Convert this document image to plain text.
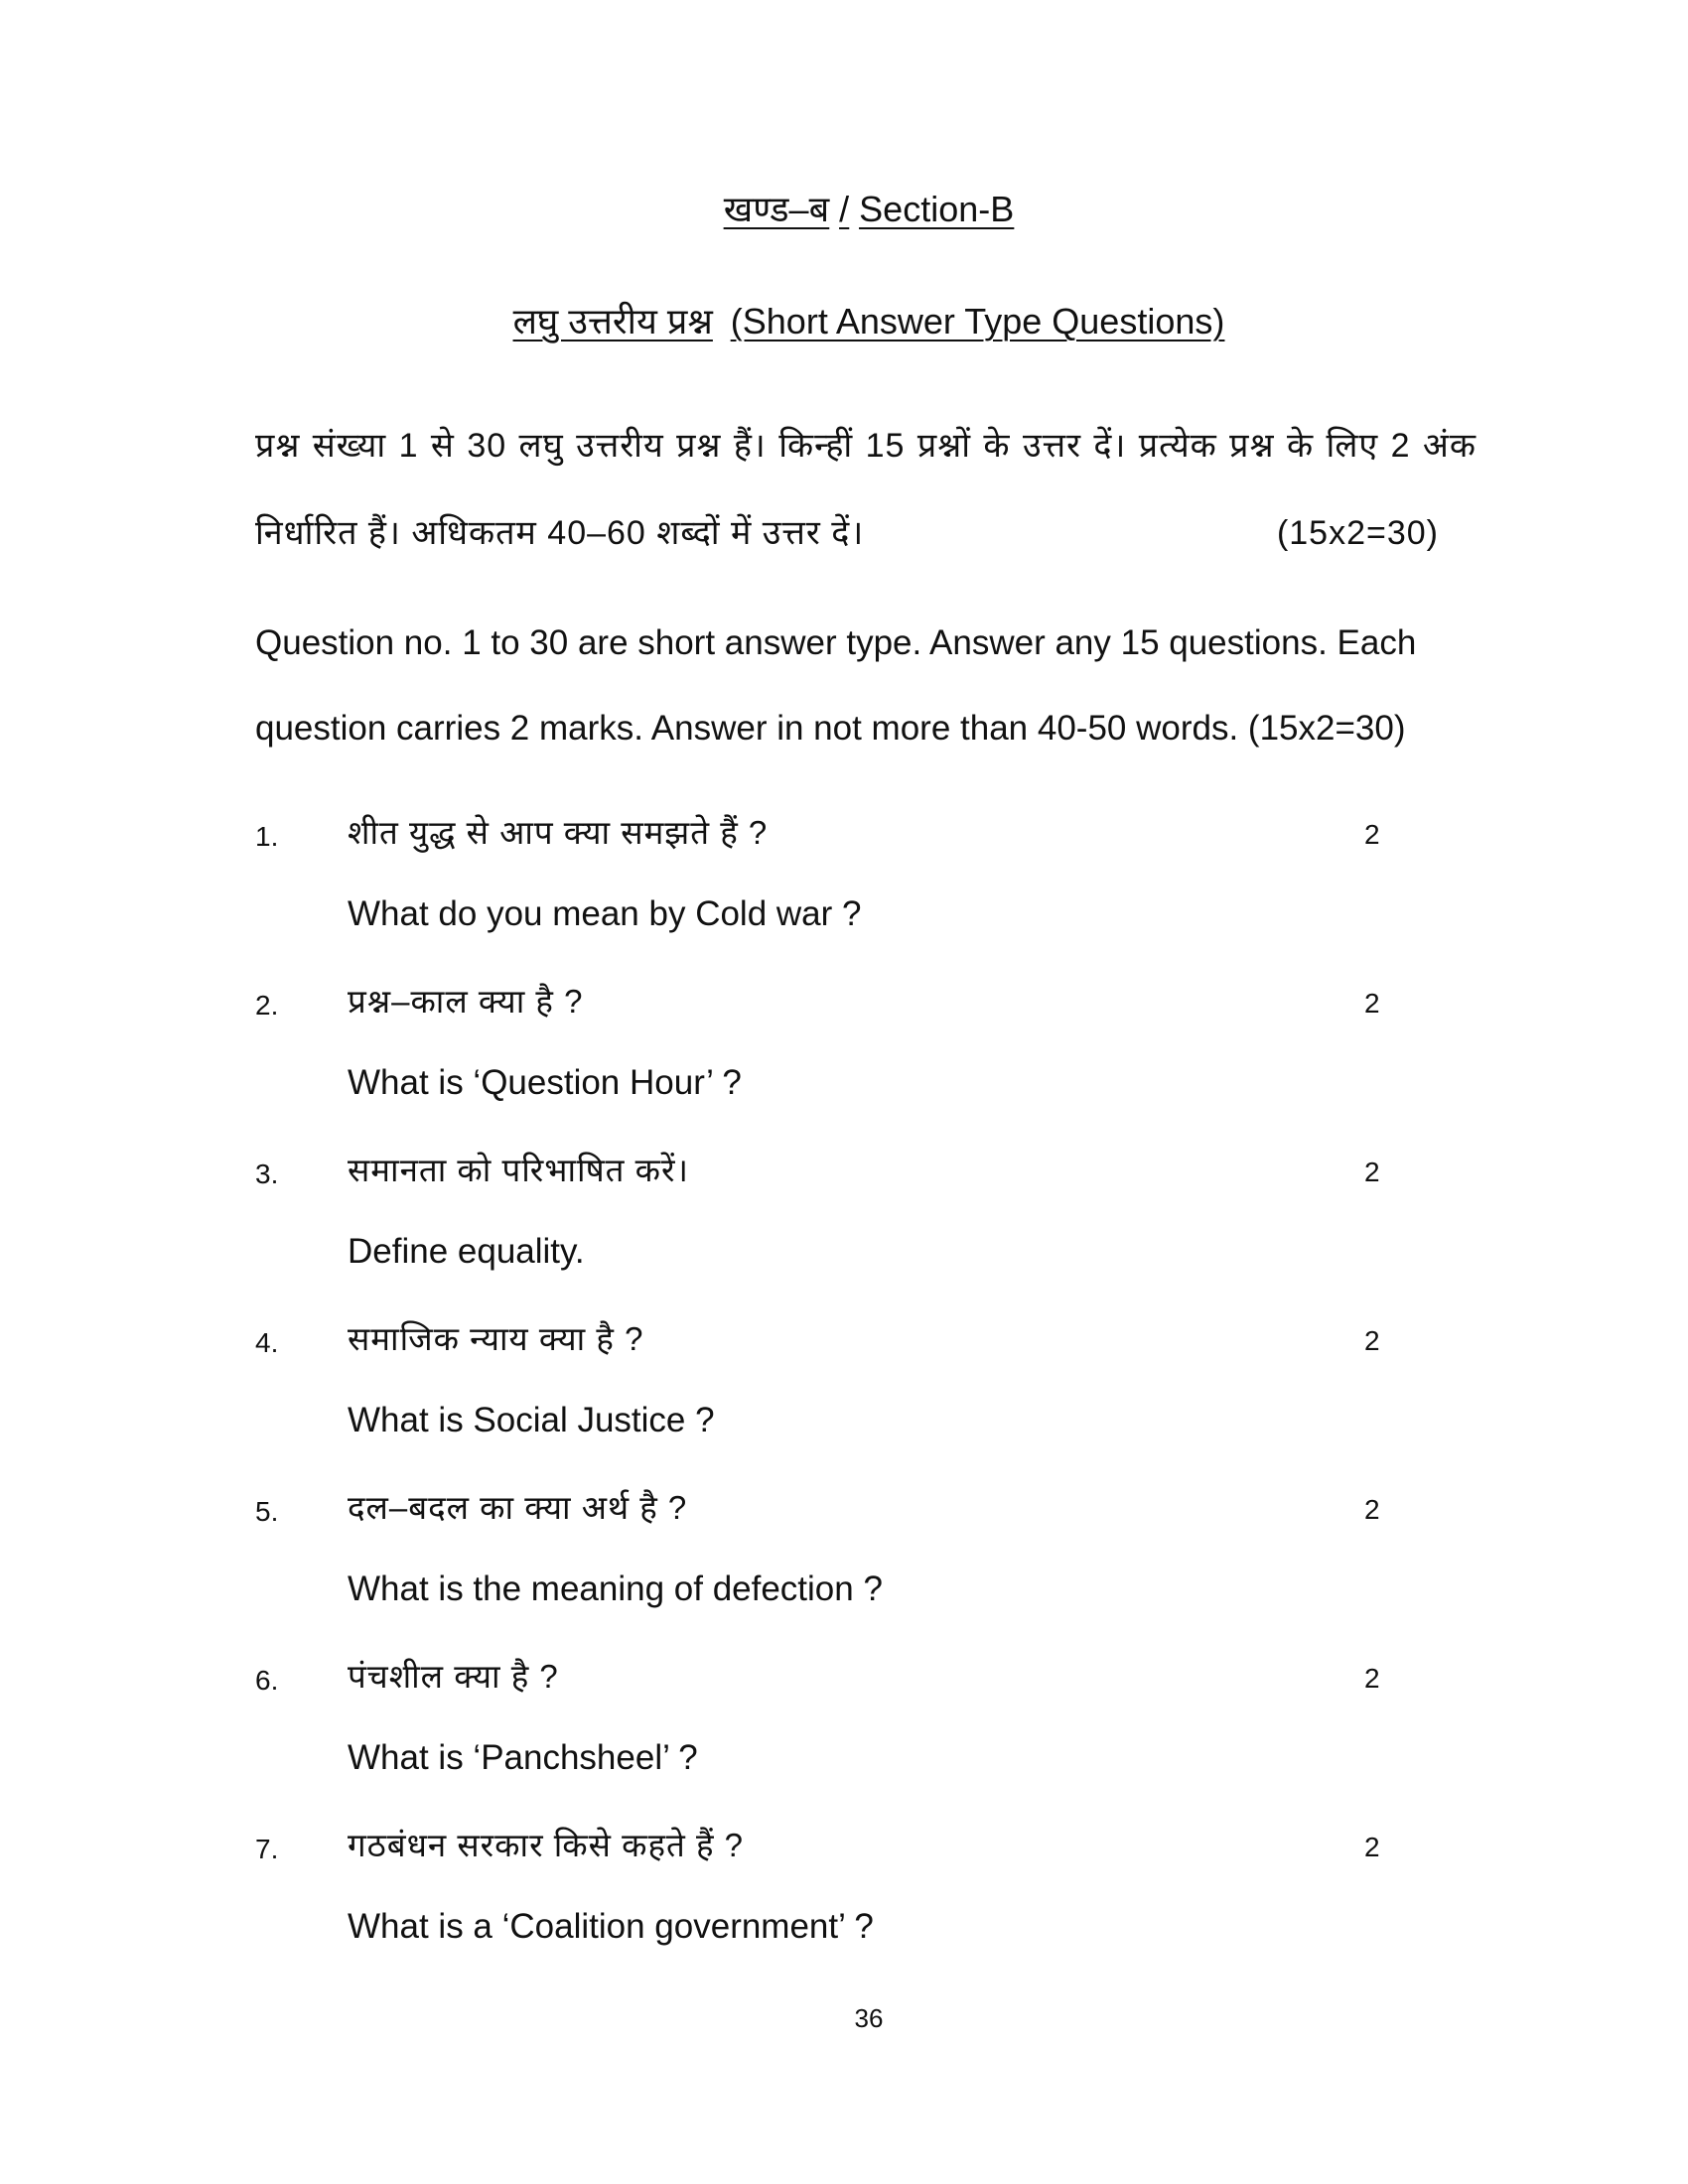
खण्ड–ब / Section-B
लघु उत्तरीय प्रश्न (Short Answer Type Questions)
प्रश्न संख्या 1 से 30 लघु उत्तरीय प्रश्न हैं। किन्हीं 15 प्रश्नों के उत्तर दें। प्रत्येक प्रश्न के लिए 2 अंक निर्धारित हैं। अधिकतम 40–60 शब्दों में उत्तर दें।	(15x2=30)
Question no. 1 to 30 are short answer type. Answer any 15 questions. Each question carries 2 marks. Answer in not more than 40-50 words. (15x2=30)
1. शीत युद्ध से आप क्या समझते हैं ?
What do you mean by Cold war ?
2
2. प्रश्न–काल क्या है ?
What is ‘Question Hour’ ?
2
3. समानता को परिभाषित करें।
Define equality.
2
4. समाजिक न्याय क्या है ?
What is Social Justice ?
2
5. दल–बदल का क्या अर्थ है ?
What is the meaning of defection ?
2
6. पंचशील क्या है ?
What is ‘Panchsheel’ ?
2
7. गठबंधन सरकार किसे कहते हैं ?
What is a ‘Coalition government’ ?
2
36
